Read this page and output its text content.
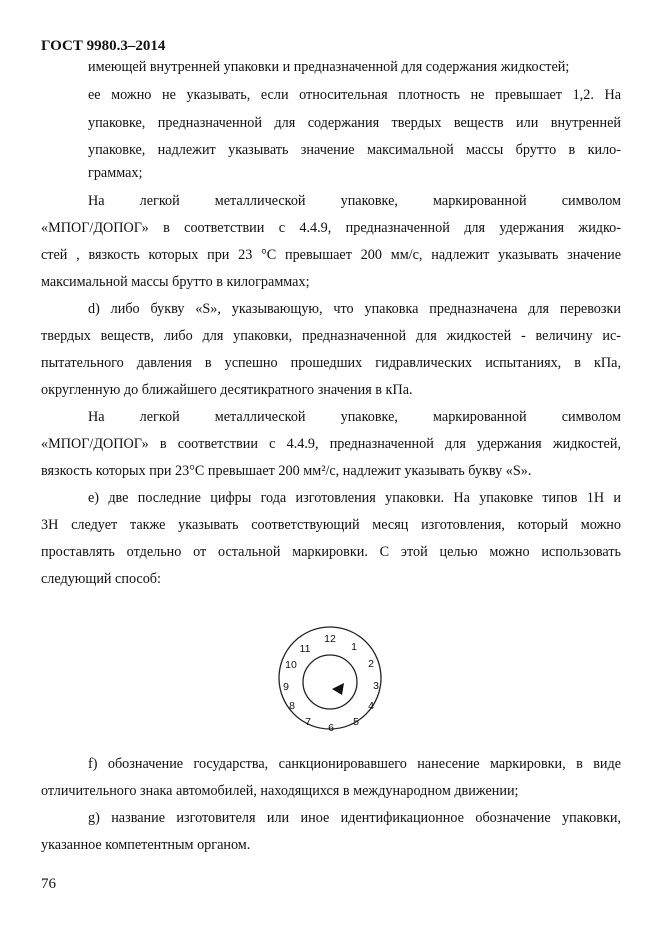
ГОСТ 9980.3–2014
имеющей внутренней упаковки и предназначенной для содержания жидкостей;
ее можно не указывать, если относительная плотность не превышает 1,2. На
упаковке, предназначенной для содержания твердых веществ или внутренней
упаковке, надлежит указывать значение максимальной массы брутто в кило-
граммах;
На легкой металлической упаковке, маркированной символом
«МПОГ/ДОПОГ» в соответствии с 4.4.9, предназначенной для удержания жидко-
стей , вязкость которых при 23 °С превышает 200 мм/с, надлежит указывать значение
максимальной массы брутто в килограммах;
d) либо букву «S», указывающую, что упаковка предназначена для перевозки
твердых веществ, либо для упаковки, предназначенной для жидкостей - величину ис-
пытательного давления в успешно прошедших гидравлических испытаниях, в кПа,
округленную до ближайшего десятикратного значения в кПа.
На легкой металлической упаковке, маркированной символом
«МПОГ/ДОПОГ» в соответствии с 4.4.9, предназначенной для удержания жидкостей,
вязкость которых при 23°С превышает 200 мм²/с, надлежит указывать букву «S».
е) две последние цифры года изготовления упаковки. На упаковке типов 1Н и
3Н следует также указывать соответствующий месяц изготовления, который можно
проставлять отдельно от остальной маркировки. С этой целью можно использовать
следующий способ:
1
2
3
4
5
6
7
8
9
10
11
12
f) обозначение государства, санкционировавшего нанесение маркировки, в виде
отличительного знака автомобилей, находящихся в международном движении;
g) название изготовителя или иное идентификационное обозначение упаковки,
указанное компетентным органом.
76
